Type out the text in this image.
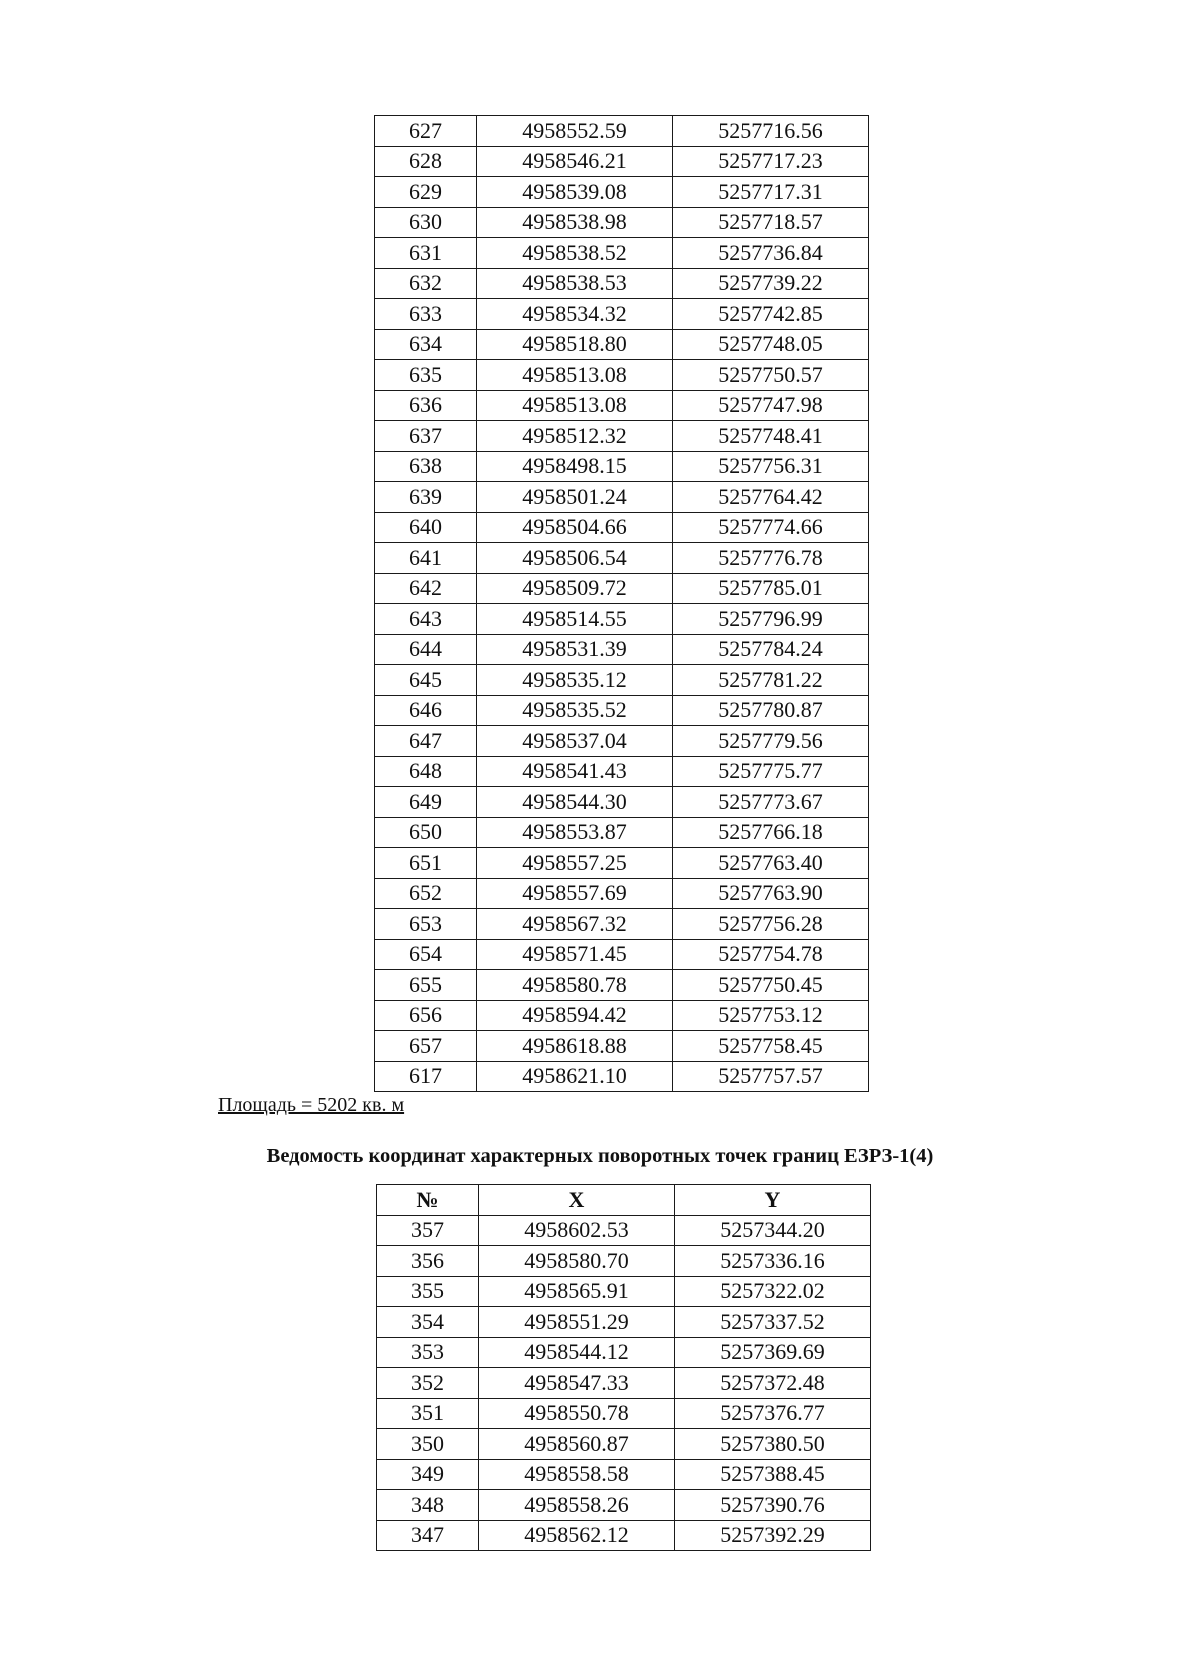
627	4958552.59	5257716.56
628	4958546.21	5257717.23
629	4958539.08	5257717.31
630	4958538.98	5257718.57
631	4958538.52	5257736.84
632	4958538.53	5257739.22
633	4958534.32	5257742.85
634	4958518.80	5257748.05
635	4958513.08	5257750.57
636	4958513.08	5257747.98
637	4958512.32	5257748.41
638	4958498.15	5257756.31
639	4958501.24	5257764.42
640	4958504.66	5257774.66
641	4958506.54	5257776.78
642	4958509.72	5257785.01
643	4958514.55	5257796.99
644	4958531.39	5257784.24
645	4958535.12	5257781.22
646	4958535.52	5257780.87
647	4958537.04	5257779.56
648	4958541.43	5257775.77
649	4958544.30	5257773.67
650	4958553.87	5257766.18
651	4958557.25	5257763.40
652	4958557.69	5257763.90
653	4958567.32	5257756.28
654	4958571.45	5257754.78
655	4958580.78	5257750.45
656	4958594.42	5257753.12
657	4958618.88	5257758.45
617	4958621.10	5257757.57
Площадь = 5202 кв. м
Ведомость координат характерных поворотных точек границ ЕЗРЗ-1(4)
№	X	Y
357	4958602.53	5257344.20
356	4958580.70	5257336.16
355	4958565.91	5257322.02
354	4958551.29	5257337.52
353	4958544.12	5257369.69
352	4958547.33	5257372.48
351	4958550.78	5257376.77
350	4958560.87	5257380.50
349	4958558.58	5257388.45
348	4958558.26	5257390.76
347	4958562.12	5257392.29
